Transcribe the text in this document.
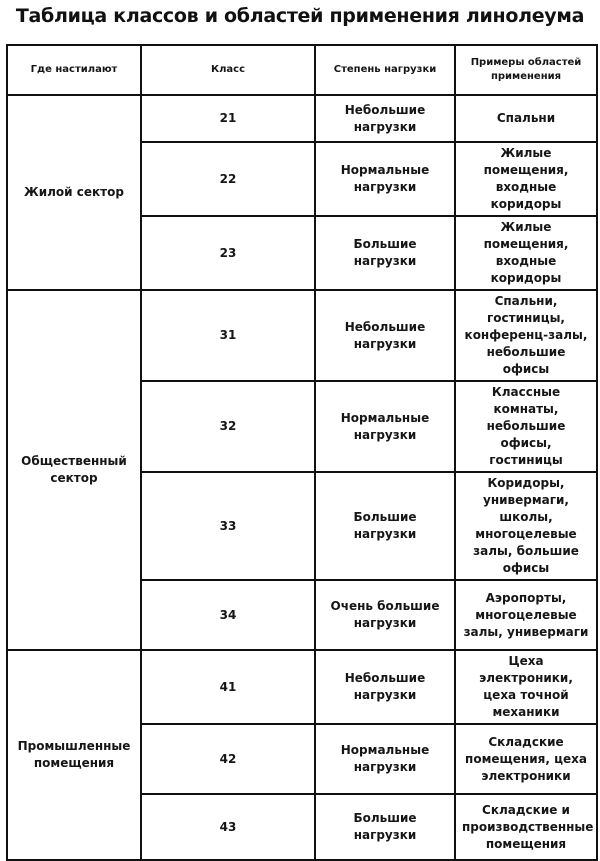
Таблица классов и областей применения линолеума
Где настилают	Класс	Степень нагрузки	Примеры областей применения
Жилой сектор	21	Небольшие нагрузки	Спальни
	22	Нормальные нагрузки	Жилые помещения, входные коридоры
	23	Большие нагрузки	Жилые помещения, входные коридоры
Общественный сектор	31	Небольшие нагрузки	Спальни, гостиницы, конференц-залы, небольшие офисы
	32	Нормальные нагрузки	Классные комнаты, небольшие офисы, гостиницы
	33	Большие нагрузки	Коридоры, универмаги, школы, многоцелевые залы, большие офисы
	34	Очень большие нагрузки	Аэропорты, многоцелевые залы, универмаги
Промышленные помещения	41	Небольшие нагрузки	Цеха электроники, цеха точной механики
	42	Нормальные нагрузки	Складские помещения, цеха электроники
	43	Большие нагрузки	Складские и производственные помещения
